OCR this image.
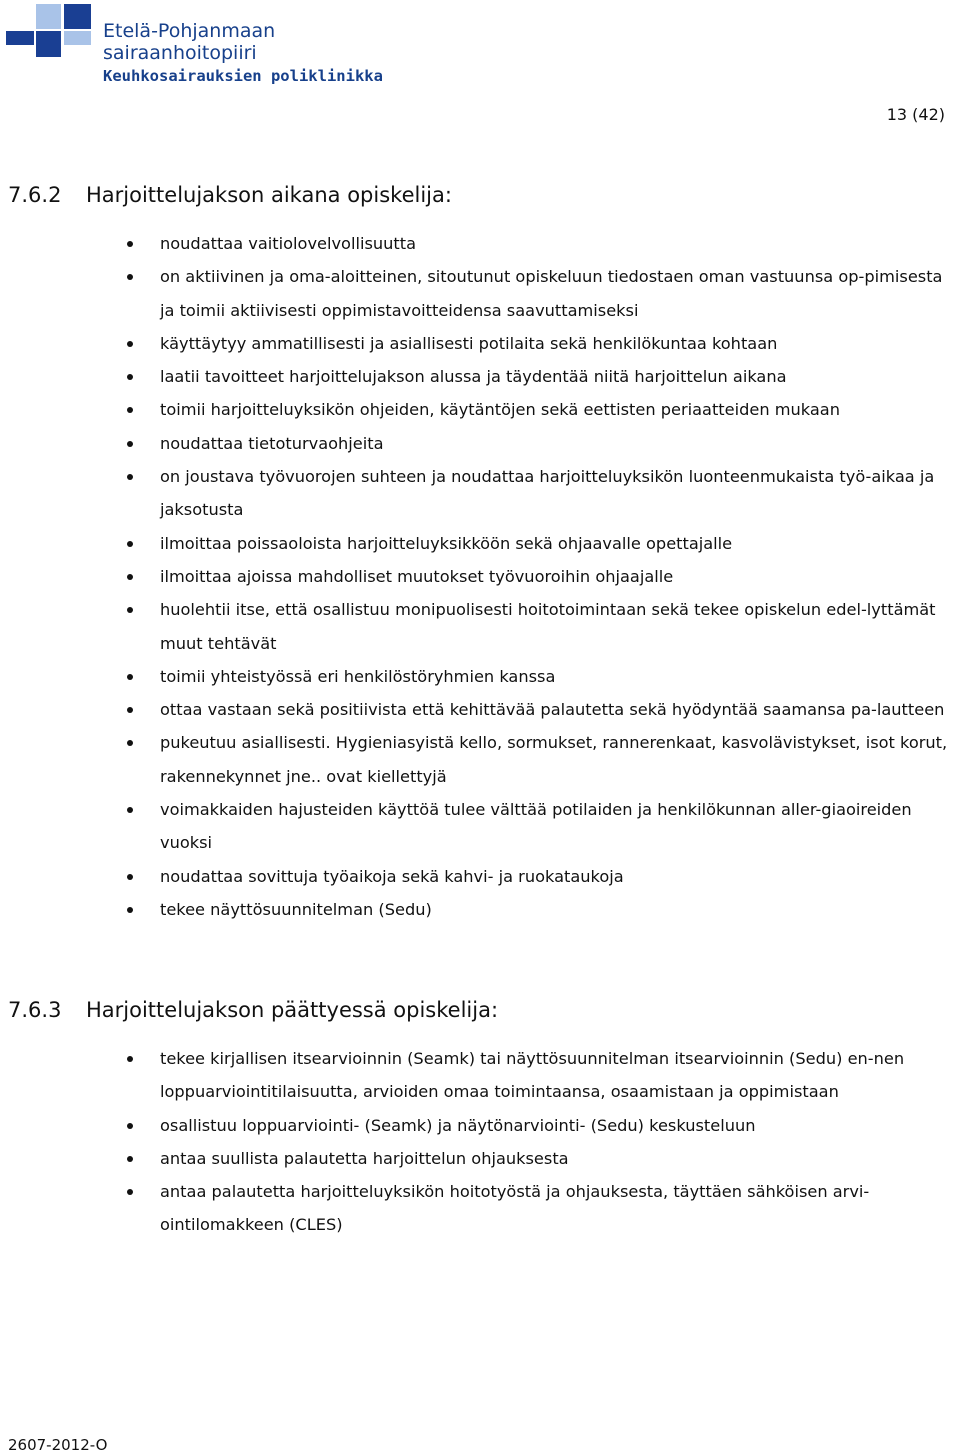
Etelä-Pohjanmaan
sairaanhoitopiiri
Keuhkosairauksien poliklinikka
13 (42)
7.6.2 Harjoittelujakson aikana opiskelija:
noudattaa vaitiolovelvollisuutta
on aktiivinen ja oma-aloitteinen, sitoutunut opiskeluun tiedostaen oman vastuunsa op-pimisesta ja toimii aktiivisesti oppimistavoitteidensa saavuttamiseksi
käyttäytyy ammatillisesti ja asiallisesti potilaita sekä henkilökuntaa kohtaan
laatii tavoitteet harjoittelujakson alussa ja täydentää niitä harjoittelun aikana
toimii harjoitteluyksikön ohjeiden, käytäntöjen sekä eettisten periaatteiden mukaan
noudattaa tietoturvaohjeita
on joustava työvuorojen suhteen ja noudattaa harjoitteluyksikön luonteenmukaista työ-aikaa ja jaksotusta
ilmoittaa poissaoloista harjoitteluyksikköön sekä ohjaavalle opettajalle
ilmoittaa ajoissa mahdolliset muutokset työvuoroihin ohjaajalle
huolehtii itse, että osallistuu monipuolisesti hoitotoimintaan sekä tekee opiskelun edel-lyttämät muut tehtävät
toimii yhteistyössä eri henkilöstöryhmien kanssa
ottaa vastaan sekä positiivista että kehittävää palautetta sekä hyödyntää saamansa pa-lautteen
pukeutuu asiallisesti. Hygieniasyistä kello, sormukset, rannerenkaat, kasvolävistykset, isot korut, rakennekynnet jne.. ovat kiellettyjä
voimakkaiden hajusteiden käyttöä tulee välttää potilaiden ja henkilökunnan aller-giaoireiden vuoksi
noudattaa sovittuja työaikoja sekä kahvi- ja ruokataukoja
tekee näyttösuunnitelman (Sedu)
7.6.3 Harjoittelujakson päättyessä opiskelija:
tekee kirjallisen itsearvioinnin (Seamk) tai näyttösuunnitelman itsearvioinnin (Sedu) en-nen loppuarviointitilaisuutta, arvioiden omaa toimintaansa, osaamistaan ja oppimistaan
osallistuu loppuarviointi- (Seamk) ja näytönarviointi- (Sedu) keskusteluun
antaa suullista palautetta harjoittelun ohjauksesta
antaa palautetta harjoitteluyksikön hoitotyöstä ja ohjauksesta, täyttäen sähköisen arvi-ointilomakkeen (CLES)
2607-2012-O
